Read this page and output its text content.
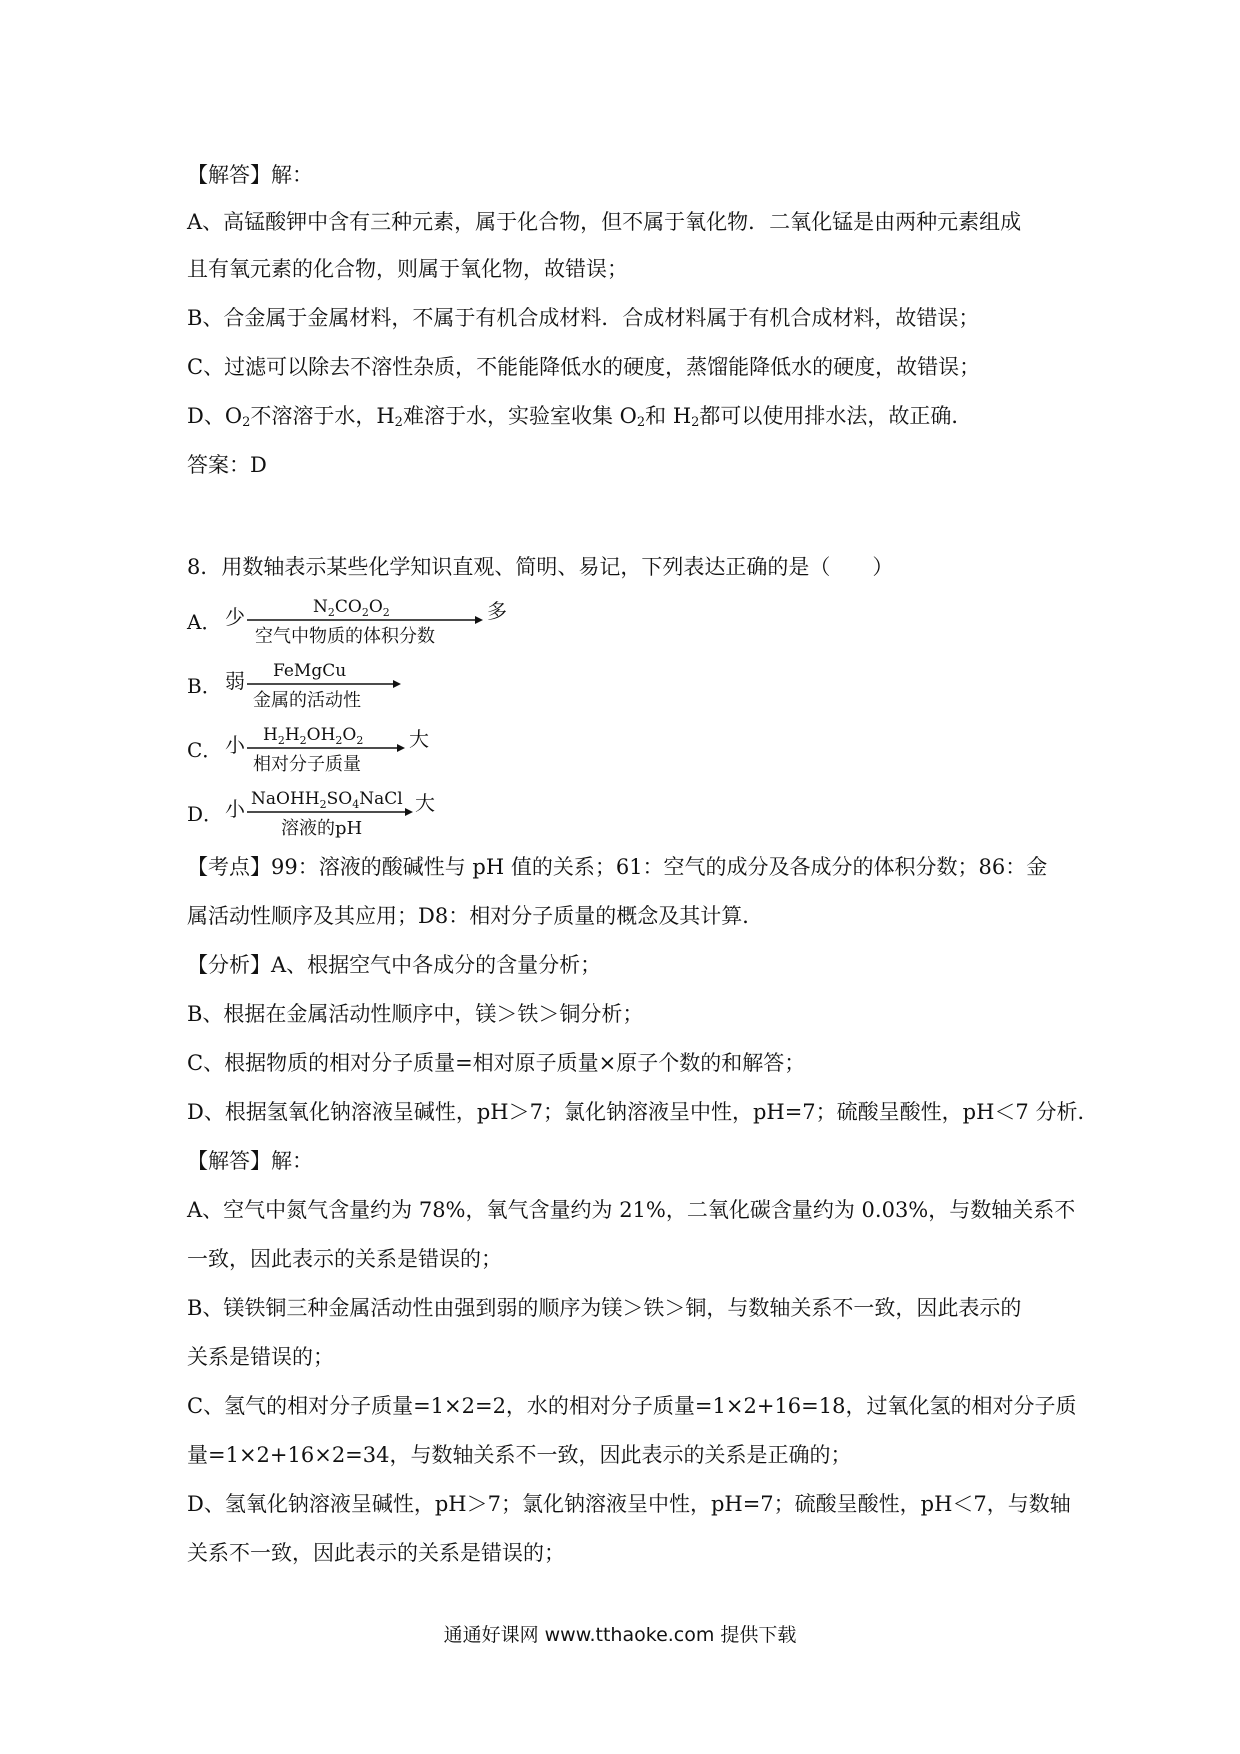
【解答】解：

A、高锰酸钾中含有三种元素，属于化合物，但不属于氧化物．二氧化锰是由两种元素组成

且有氧元素的化合物，则属于氧化物，故错误；

B、合金属于金属材料，不属于有机合成材料．合成材料属于有机合成材料，故错误；

C、过滤可以除去不溶性杂质，不能能降低水的硬度，蒸馏能降低水的硬度，故错误；

D、$O_2$不溶溶于水，$H_2$难溶于水，实验室收集 $O_2$和 $H_2$都可以使用排水法，故正确．

答案：D

8．用数轴表示某些化学知识直观、简明、易记，下列表达正确的是（　　）

A． 少	$N_2CO_2O_2$
空气中物质的体积分数
多
B． 弱 FeMgCu
金属的活动性
C． 小 $H_2H_2OH_2O_2$
相对分子质量
大
D． 小 $NaOHH_2SO_4NaCl$
溶液的pH
大

【考点】99：溶液的酸碱性与 pH 值的关系；61：空气的成分及各成分的体积分数；86：金

属活动性顺序及其应用；D8：相对分子质量的概念及其计算．

【分析】A、根据空气中各成分的含量分析；

B、根据在金属活动性顺序中，镁＞铁＞铜分析；

C、根据物质的相对分子质量=相对原子质量×原子个数的和解答；

D、根据氢氧化钠溶液呈碱性，pH＞7；氯化钠溶液呈中性，pH=7；硫酸呈酸性，pH＜7 分析．

【解答】解：

A、空气中氮气含量约为 78%，氧气含量约为 21%，二氧化碳含量约为 0.03%，与数轴关系不

一致，因此表示的关系是错误的；

B、镁铁铜三种金属活动性由强到弱的顺序为镁＞铁＞铜，与数轴关系不一致，因此表示的

关系是错误的；

C、氢气的相对分子质量=1×2=2，水的相对分子质量=1×2+16=18，过氧化氢的相对分子质

量=1×2+16×2=34，与数轴关系不一致，因此表示的关系是正确的；

D、氢氧化钠溶液呈碱性，pH＞7；氯化钠溶液呈中性，pH=7；硫酸呈酸性，pH＜7，与数轴

关系不一致，因此表示的关系是错误的；

通通好课网 www.tthaoke.com 提供下载
